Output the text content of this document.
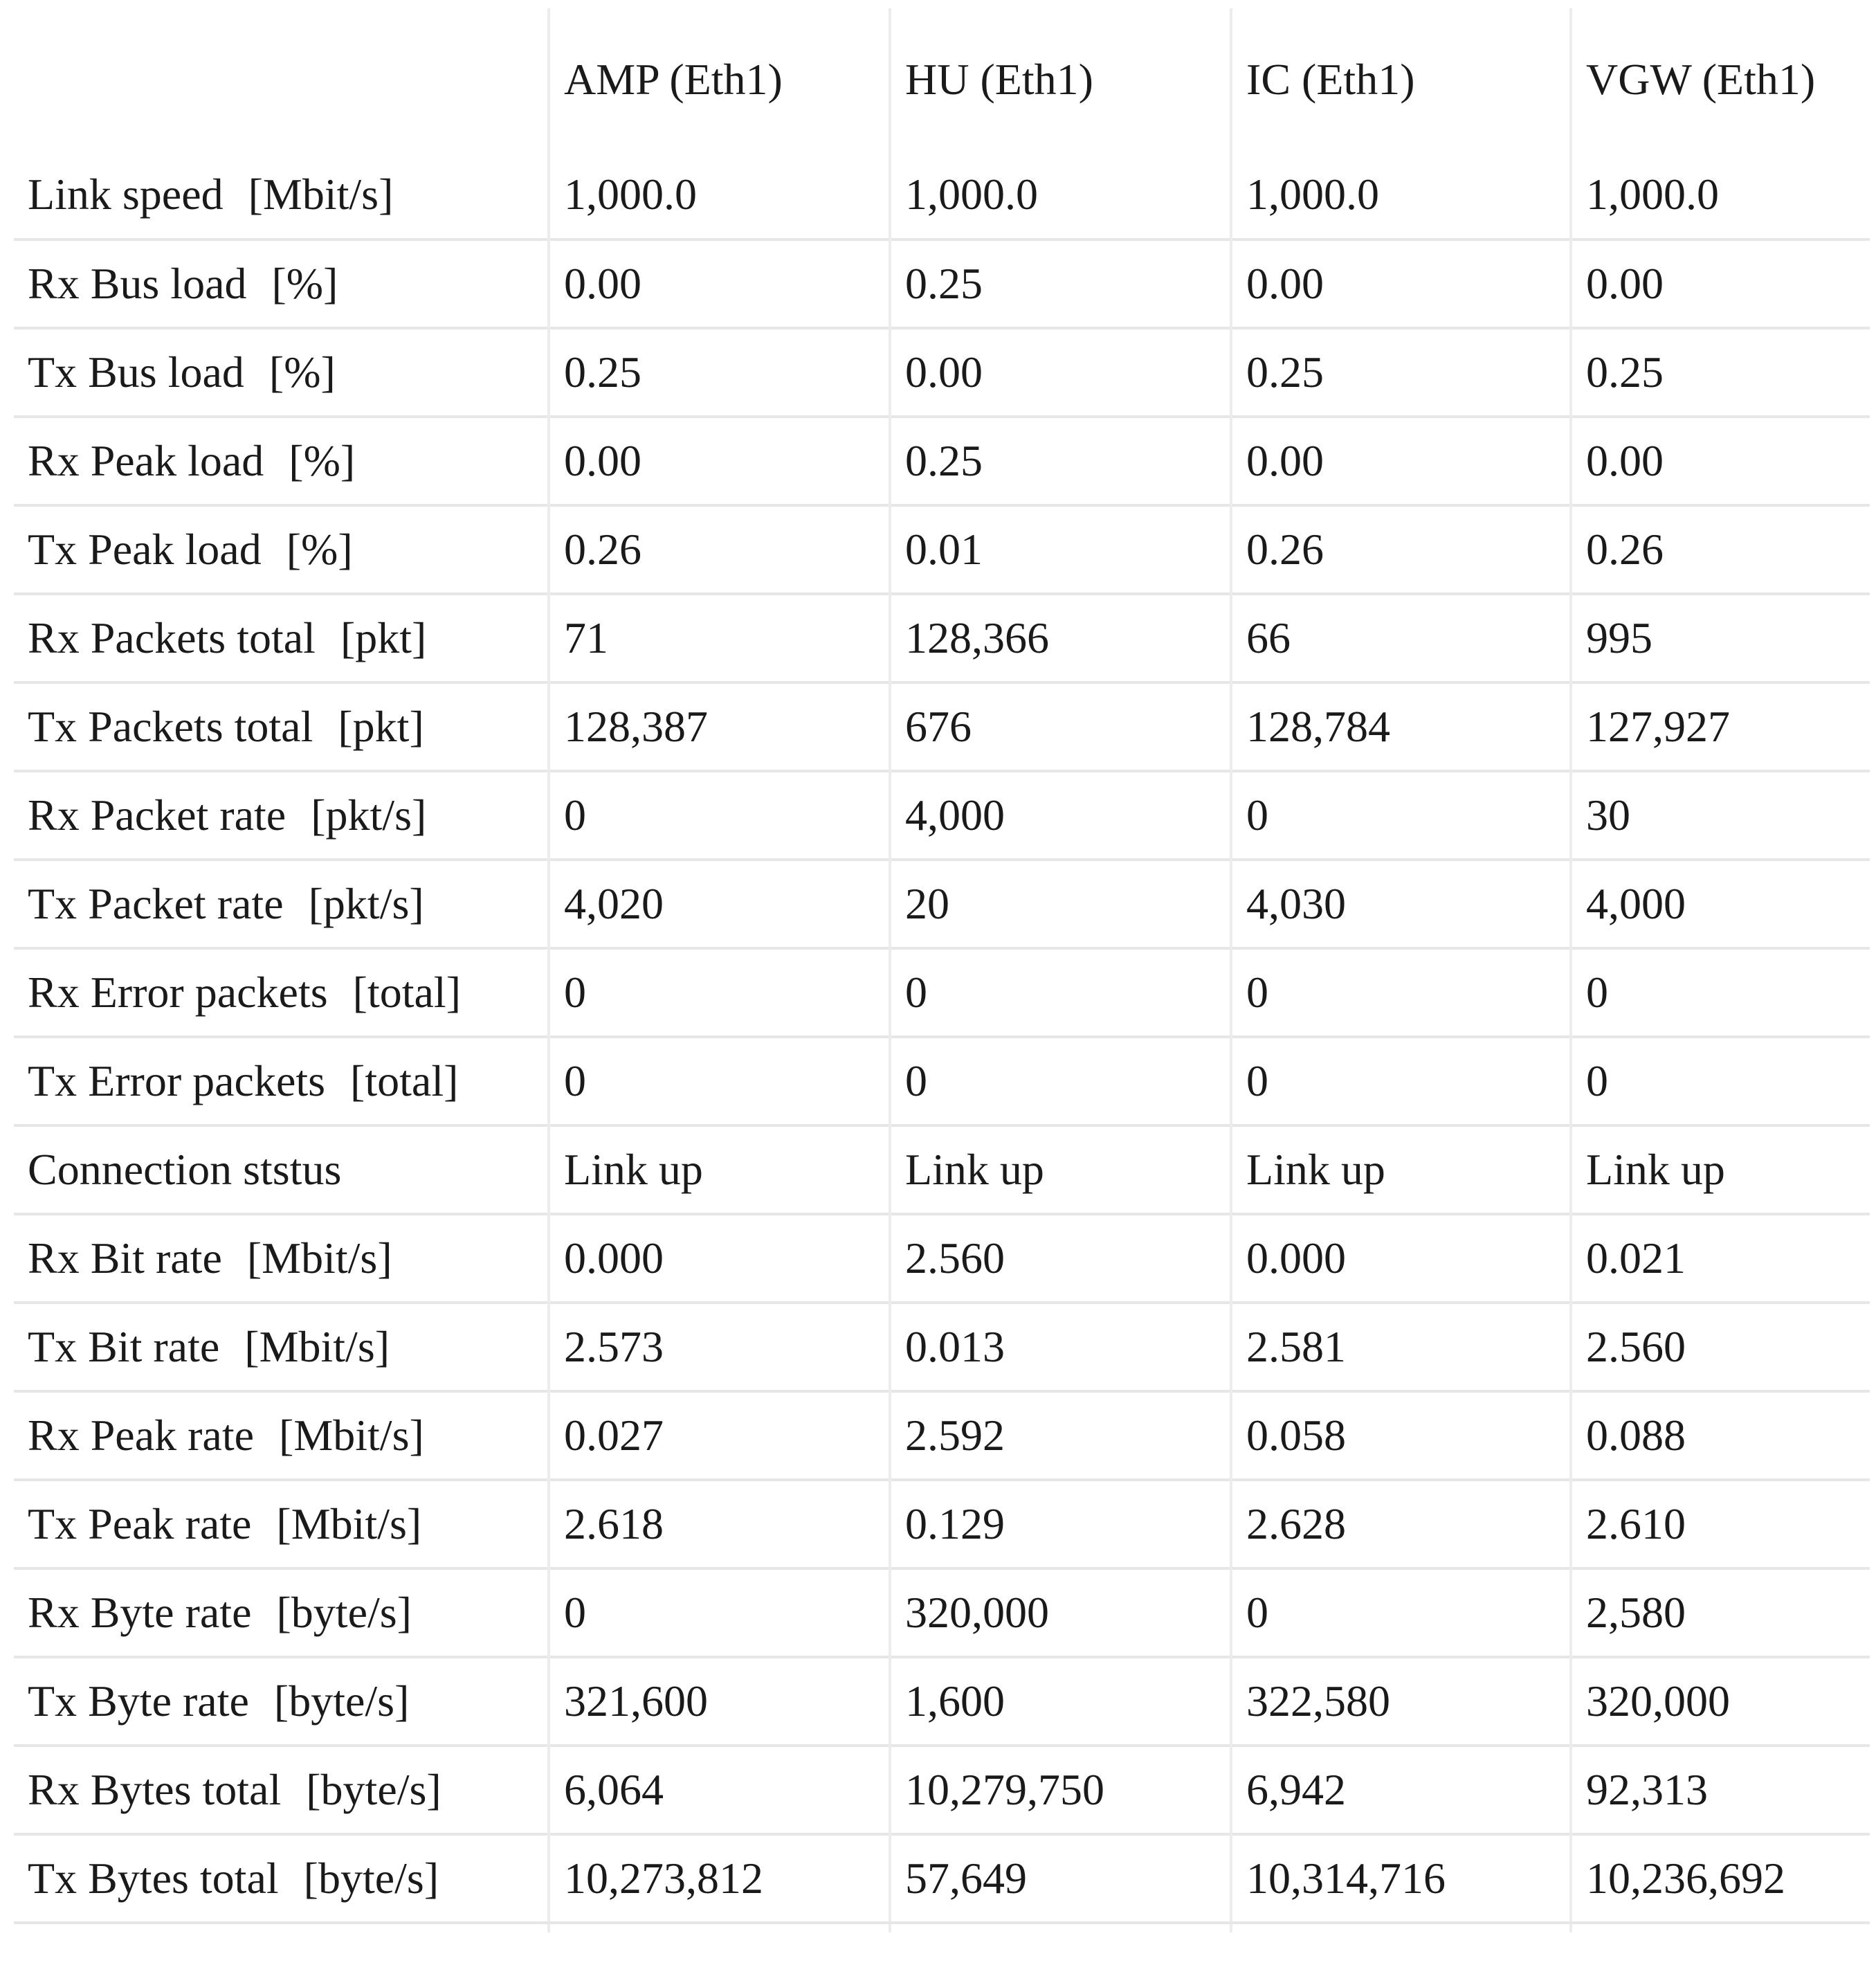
	AMP (Eth1)	HU (Eth1)	IC (Eth1)	VGW (Eth1)
Link speed [Mbit/s]	1,000.0	1,000.0	1,000.0	1,000.0
Rx Bus load [%]	0.00	0.25	0.00	0.00
Tx Bus load [%]	0.25	0.00	0.25	0.25
Rx Peak load [%]	0.00	0.25	0.00	0.00
Tx Peak load [%]	0.26	0.01	0.26	0.26
Rx Packets total [pkt]	71	128,366	66	995
Tx Packets total [pkt]	128,387	676	128,784	127,927
Rx Packet rate [pkt/s]	0	4,000	0	30
Tx Packet rate [pkt/s]	4,020	20	4,030	4,000
Rx Error packets [total]	0	0	0	0
Tx Error packets [total]	0	0	0	0
Connection ststus	Link up	Link up	Link up	Link up
Rx Bit rate [Mbit/s]	0.000	2.560	0.000	0.021
Tx Bit rate [Mbit/s]	2.573	0.013	2.581	2.560
Rx Peak rate [Mbit/s]	0.027	2.592	0.058	0.088
Tx Peak rate [Mbit/s]	2.618	0.129	2.628	2.610
Rx Byte rate [byte/s]	0	320,000	0	2,580
Tx Byte rate [byte/s]	321,600	1,600	322,580	320,000
Rx Bytes total [byte/s]	6,064	10,279,750	6,942	92,313
Tx Bytes total [byte/s]	10,273,812	57,649	10,314,716	10,236,692
